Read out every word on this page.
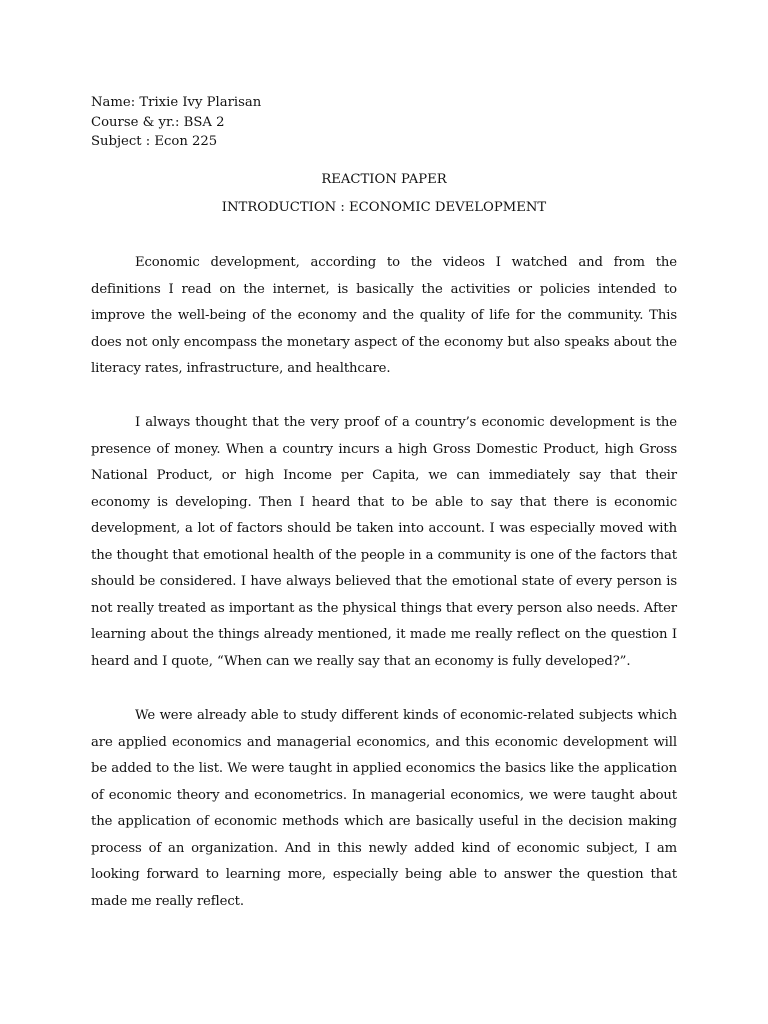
Name: Trixie Ivy Plarisan
Course & yr.: BSA 2
Subject : Econ 225
REACTION PAPER
INTRODUCTION : ECONOMIC DEVELOPMENT

Economic development, according to the videos I watched and from the definitions I read on the internet, is basically the activities or policies intended to improve the well-being of the economy and the quality of life for the community. This does not only encompass the monetary aspect of the economy but also speaks about the literacy rates, infrastructure, and healthcare.

I always thought that the very proof of a country’s economic development is the presence of money. When a country incurs a high Gross Domestic Product, high Gross National Product, or high Income per Capita, we can immediately say that their economy is developing. Then I heard that to be able to say that there is economic development, a lot of factors should be taken into account. I was especially moved with the thought that emotional health of the people in a community is one of the factors that should be considered. I have always believed that the emotional state of every person is not really treated as important as the physical things that every person also needs. After learning about the things already mentioned, it made me really reflect on the question I heard and I quote, “When can we really say that an economy is fully developed?”.

We were already able to study different kinds of economic-related subjects which are applied economics and managerial economics, and this economic development will be added to the list. We were taught in applied economics the basics like the application of economic theory and econometrics. In managerial economics, we were taught about the application of economic methods which are basically useful in the decision making process of an organization. And in this newly added kind of economic subject, I am looking forward to learning more, especially being able to answer the question that made me really reflect.
